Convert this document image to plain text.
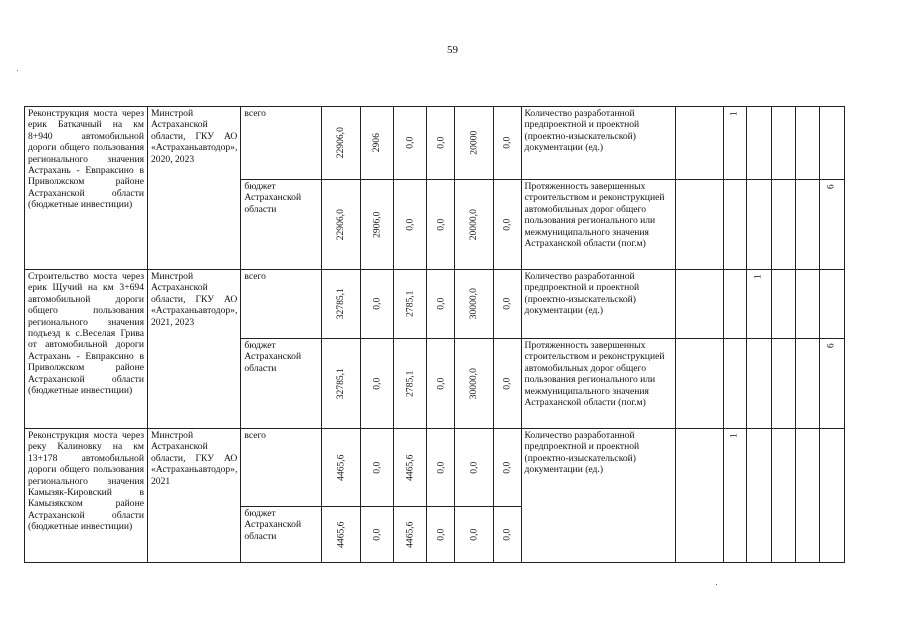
59
Реконструкция моста через ерик Баткачный на км 8+940 автомобильной дороги общего пользования регионального значения Астрахань - Евпраксино в Приволжском районе Астраханской области (бюджетные инвестиции)	Минстрой Астраханской области, ГКУ АО «Астраханьавтодор», 2020, 2023	всего	22906,0	2906	0,0	0,0	20000	0,0	Количество разработанной предпроектной и проектной (проектно-изыскательской) документации (ед.)		1				

		бюджет Астраханской области	22906,0	2906,0	0,0	0,0	20000,0	0,0	Протяженность завершенных строительством и реконструкцией автомобильных дорог общего пользования регионального или межмуниципального значения Астраханской области (пог.м)						6

Строительство моста через ерик Щучий на км 3+694 автомобильной дороги общего пользования регионального значения подъезд к с.Веселая Грива от автомобильной дороги Астрахань - Евпраксино в Приволжском районе Астраханской области (бюджетные инвестиции)	Минстрой Астраханской области, ГКУ АО «Астраханьавтодор», 2021, 2023	всего	32785,1	0,0	2785,1	0,0	30000,0	0,0	Количество разработанной предпроектной и проектной (проектно-изыскательской) документации (ед.)			1			

		бюджет Астраханской области	32785,1	0,0	2785,1	0,0	30000,0	0,0	Протяженность завершенных строительством и реконструкцией автомобильных дорог общего пользования регионального или межмуниципального значения Астраханской области (пог.м)						6

Реконструкция моста через реку Калиновку на км 13+178 автомобильной дороги общего пользования регионального значения Камызяк-Кировский в Камызякском районе Астраханской области (бюджетные инвестиции)	Минстрой Астраханской области, ГКУ АО «Астраханьавтодор», 2021	всего	4465,6	0,0	4465,6	0,0	0,0	0,0	Количество разработанной предпроектной и проектной (проектно-изыскательской) документации (ед.)		1				

		бюджет Астраханской области	4465,6	0,0	4465,6	0,0	0,0	0,0							
